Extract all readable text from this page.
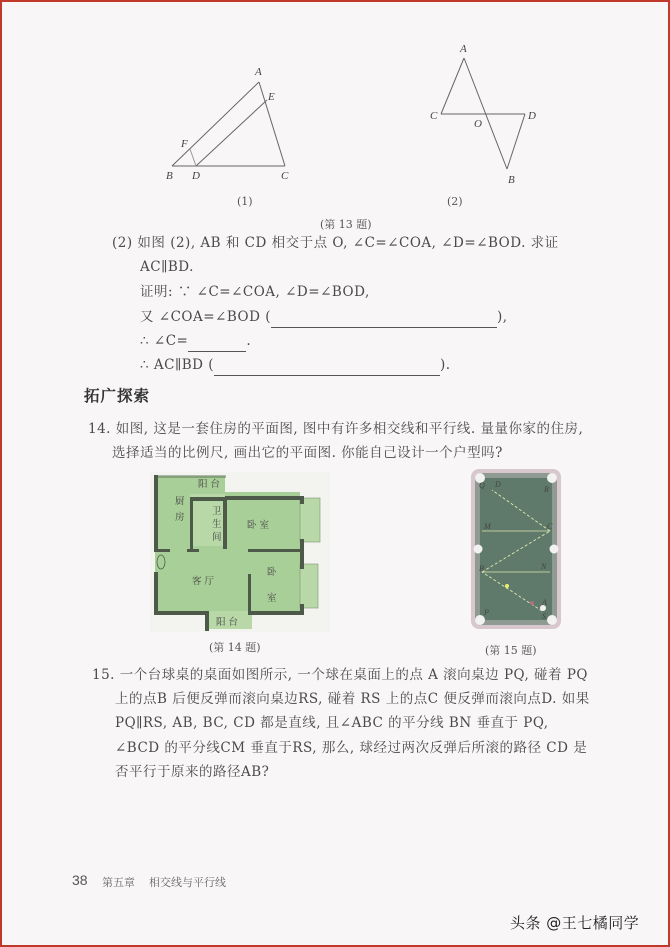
A
E
F
B D	C
(1)
A
C
O
D
B
(2)
(第 13 题)
(2) 如图 (2), AB 和 CD 相交于点 O, ∠C=∠COA, ∠D=∠BOD. 求证
AC∥BD.
证明: ∵ ∠C=∠COA, ∠D=∠BOD,
又 ∠COA=∠BOD (	),
∴ ∠C=	.
∴ AC∥BD (	).
拓广探索
14. 如图, 这是一套住房的平面图, 图中有许多相交线和平行线. 量量你家的住房,
选择适当的比例尺, 画出它的平面图. 你能自己设计一个户型吗?
阳 台
厨
房
卫
生
间
卧 室
客 厅
卧
室
阳 台
(第 14 题)
Q D
R
M	C
B	N
A
P	S
(第 15 题)
15. 一个台球桌的桌面如图所示, 一个球在桌面上的点 A 滚向桌边 PQ, 碰着 PQ
上的点B 后便反弹而滚向桌边RS, 碰着 RS 上的点C 便反弹而滚向点D. 如果
PQ∥RS, AB, BC, CD 都是直线, 且∠ABC 的平分线 BN 垂直于 PQ,
∠BCD 的平分线CM 垂直于RS, 那么, 球经过两次反弹后所滚的路径 CD 是
否平行于原来的路径AB?
38 第五章 相交线与平行线
头条 @王七橘同学
